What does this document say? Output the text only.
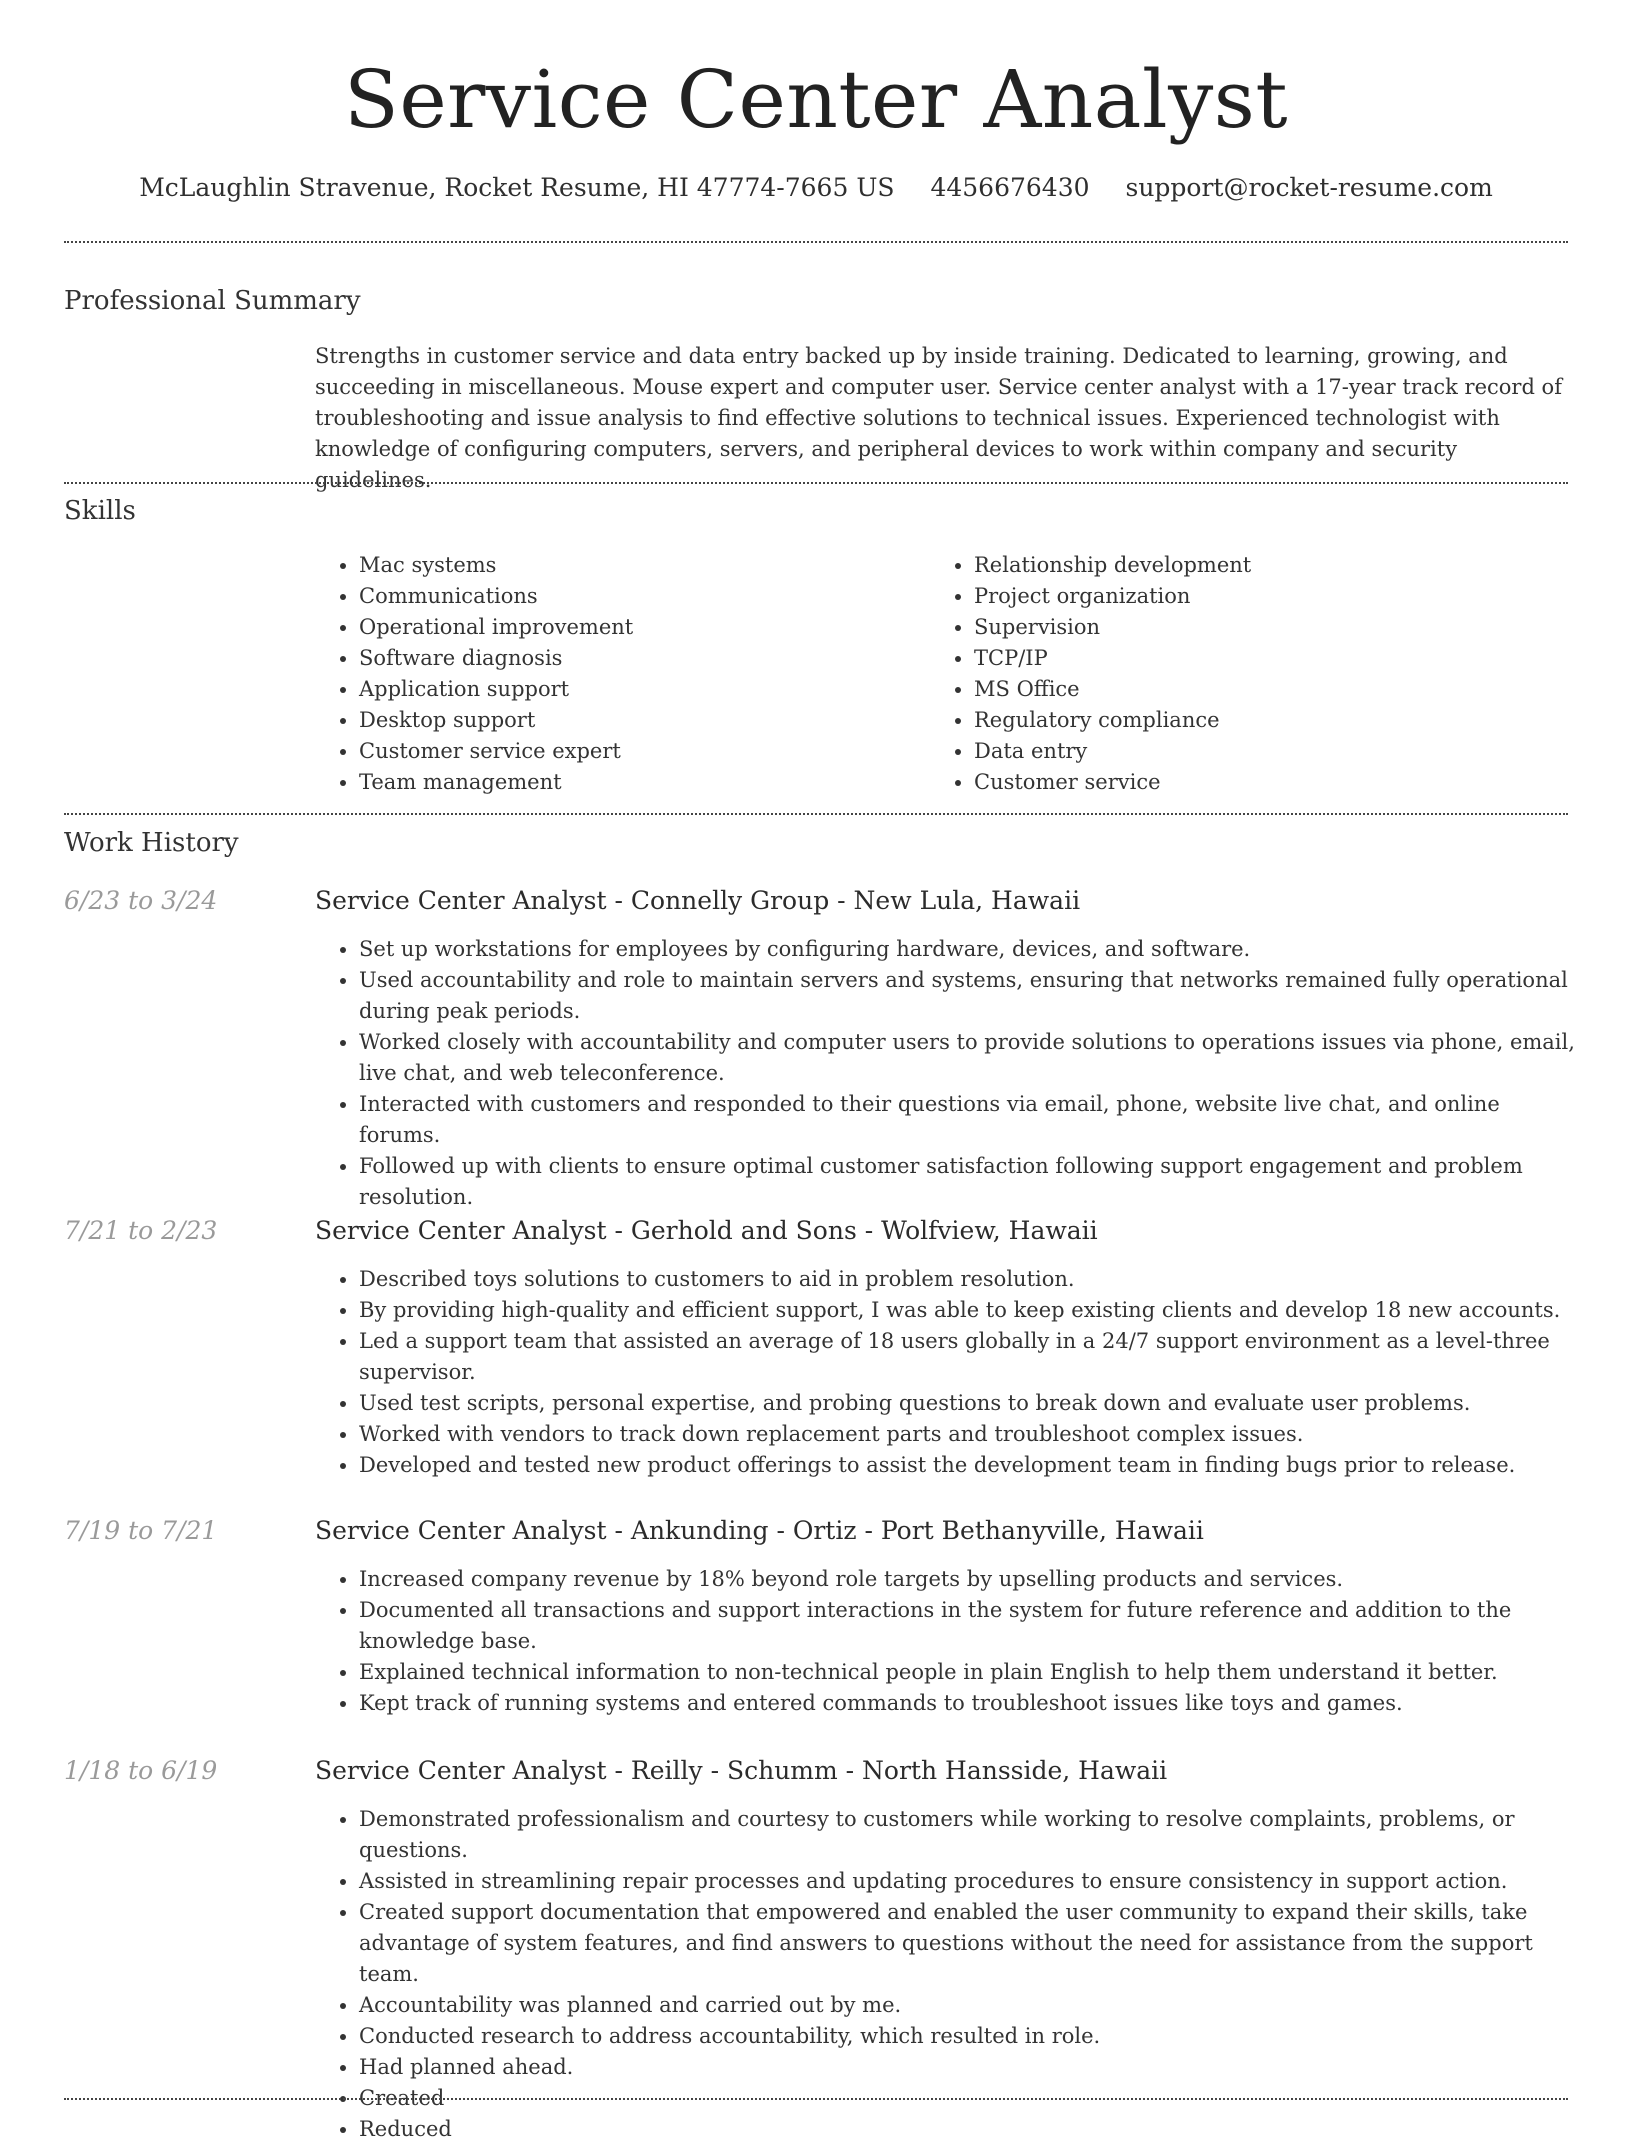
Service Center Analyst
McLaughlin Stravenue, Rocket Resume, HI 47774-7665 US 4456676430 support@rocket-resume.com
Professional Summary

Strengths in customer service and data entry backed up by inside training. Dedicated to learning, growing, and succeeding in miscellaneous. Mouse expert and computer user. Service center analyst with a 17-year track record of troubleshooting and issue analysis to find effective solutions to technical issues. Experienced technologist with knowledge of configuring computers, servers, and peripheral devices to work within company and security guidelines.

Skills
• Mac systems
• Communications
• Operational improvement
• Software diagnosis
• Application support
• Desktop support
• Customer service expert
• Team management
• Relationship development
• Project organization
• Supervision
• TCP/IP
• MS Office
• Regulatory compliance
• Data entry
• Customer service
Work History
6/23 to 3/24	Service Center Analyst - Connelly Group - New Lula, Hawaii
• Set up workstations for employees by configuring hardware, devices, and software.
• Used accountability and role to maintain servers and systems, ensuring that networks remained fully operational during peak periods.
• Worked closely with accountability and computer users to provide solutions to operations issues via phone, email, live chat, and web teleconference.
• Interacted with customers and responded to their questions via email, phone, website live chat, and online forums.
• Followed up with clients to ensure optimal customer satisfaction following support engagement and problem resolution.
7/21 to 2/23	Service Center Analyst - Gerhold and Sons - Wolfview, Hawaii
• Described toys solutions to customers to aid in problem resolution.
• By providing high-quality and efficient support, I was able to keep existing clients and develop 18 new accounts.
• Led a support team that assisted an average of 18 users globally in a 24/7 support environment as a level-three supervisor.
• Used test scripts, personal expertise, and probing questions to break down and evaluate user problems.
• Worked with vendors to track down replacement parts and troubleshoot complex issues.
• Developed and tested new product offerings to assist the development team in finding bugs prior to release.
7/19 to 7/21	Service Center Analyst - Ankunding - Ortiz - Port Bethanyville, Hawaii
• Increased company revenue by 18% beyond role targets by upselling products and services.
• Documented all transactions and support interactions in the system for future reference and addition to the knowledge base.
• Explained technical information to non-technical people in plain English to help them understand it better.
• Kept track of running systems and entered commands to troubleshoot issues like toys and games.
1/18 to 6/19	Service Center Analyst - Reilly - Schumm - North Hansside, Hawaii
• Demonstrated professionalism and courtesy to customers while working to resolve complaints, problems, or questions.
• Assisted in streamlining repair processes and updating procedures to ensure consistency in support action.
• Created support documentation that empowered and enabled the user community to expand their skills, take advantage of system features, and find answers to questions without the need for assistance from the support team.
• Accountability was planned and carried out by me.
• Conducted research to address accountability, which resulted in role.
• Had planned ahead.
• Created
• Reduced
